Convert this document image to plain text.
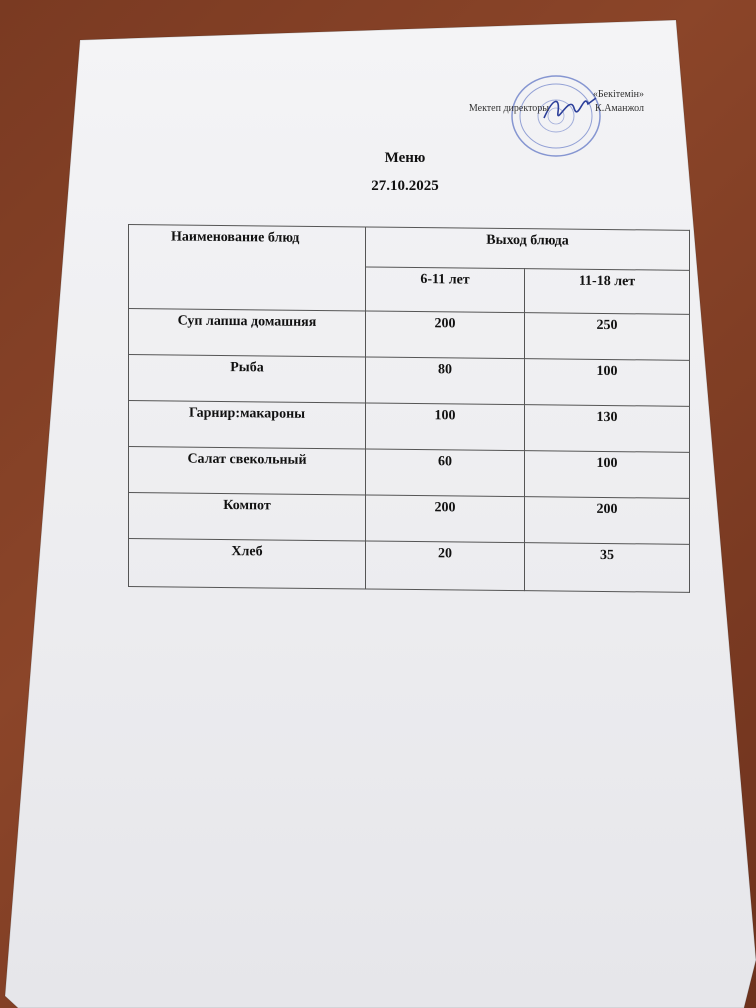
«Бекітемін»
Мектеп директоры	К.Аманжол
Меню
27.10.2025
Наименование блюд	Выход блюда	
	6-11 лет	11-18 лет
Суп лапша домашняя	200	250
Рыба	80	100
Гарнир:макароны	100	130
Салат свекольный	60	100
Компот	200	200
Хлеб	20	35
